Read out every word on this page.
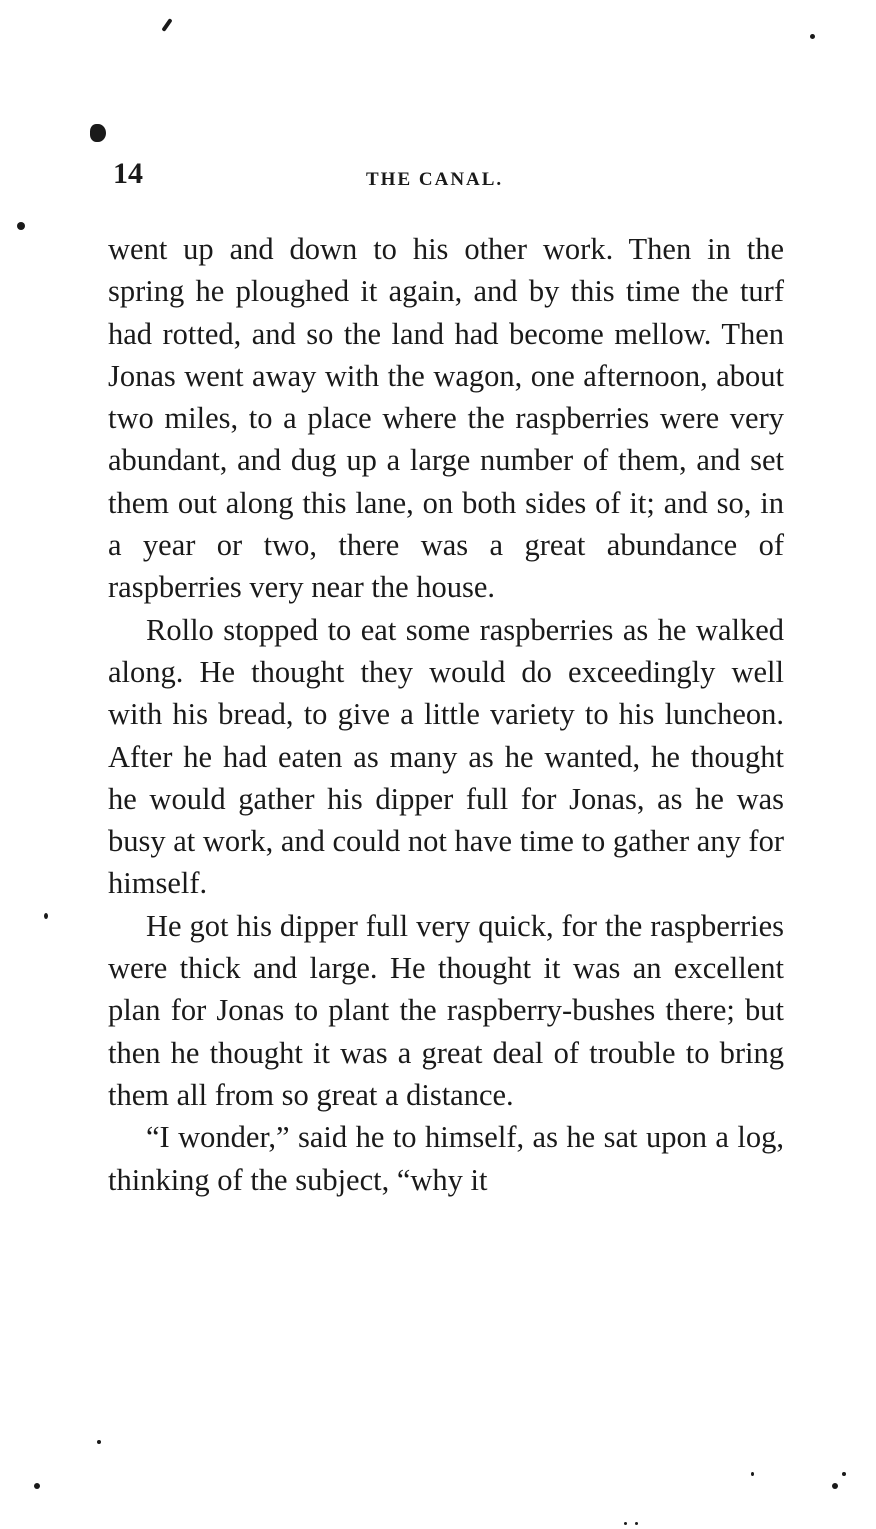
14	THE CANAL.

went up and down to his other work. Then in the spring he ploughed it again, and by this time the turf had rotted, and so the land had become mellow. Then Jonas went away with the wagon, one afternoon, about two miles, to a place where the raspberries were very abundant, and dug up a large number of them, and set them out along this lane, on both sides of it; and so, in a year or two, there was a great abundance of raspberries very near the house.

Rollo stopped to eat some raspberries as he walked along. He thought they would do exceedingly well with his bread, to give a little variety to his luncheon. After he had eaten as many as he wanted, he thought he would gather his dipper full for Jonas, as he was busy at work, and could not have time to gather any for himself.

He got his dipper full very quick, for the raspberries were thick and large. He thought it was an excellent plan for Jonas to plant the raspberry-bushes there; but then he thought it was a great deal of trouble to bring them all from so great a distance.

“I wonder,” said he to himself, as he sat upon a log, thinking of the subject, “why it
